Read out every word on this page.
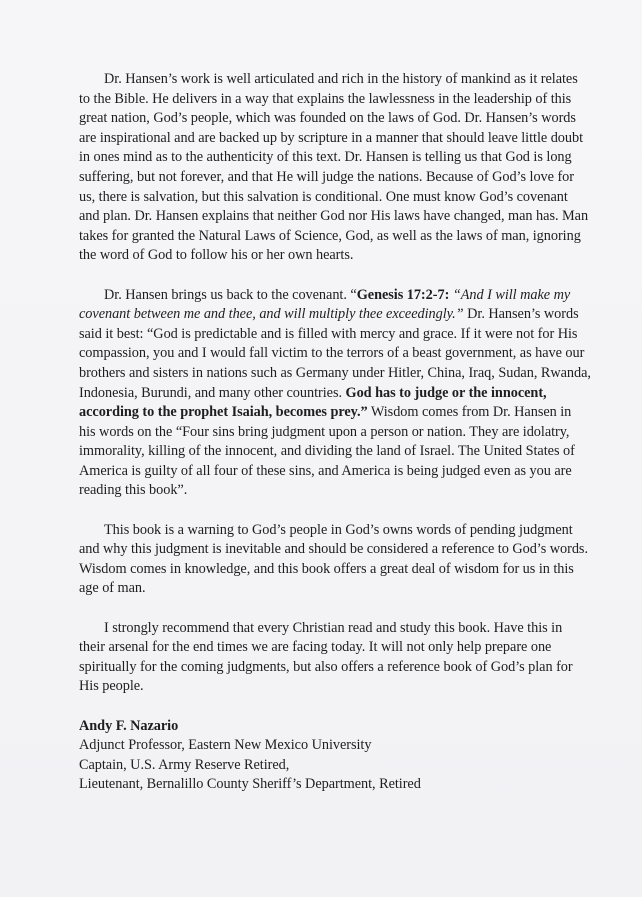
Dr. Hansen’s work is well articulated and rich in the history of mankind as it relates to the Bible. He delivers in a way that explains the lawlessness in the leadership of this great nation, God’s people, which was founded on the laws of God. Dr. Hansen’s words are inspirational and are backed up by scripture in a manner that should leave little doubt in ones mind as to the authenticity of this text. Dr. Hansen is telling us that God is long suffering, but not forever, and that He will judge the nations. Because of God’s love for us, there is salvation, but this salvation is conditional. One must know God’s covenant and plan. Dr. Hansen explains that neither God nor His laws have changed, man has. Man takes for granted the Natural Laws of Science, God, as well as the laws of man, ignoring the word of God to follow his or her own hearts.

Dr. Hansen brings us back to the covenant. “Genesis 17:2-7: “And I will make my covenant between me and thee, and will multiply thee exceedingly.” Dr. Hansen’s words said it best: “God is predictable and is filled with mercy and grace. If it were not for His compassion, you and I would fall victim to the terrors of a beast government, as have our brothers and sisters in nations such as Germany under Hitler, China, Iraq, Sudan, Rwanda, Indonesia, Burundi, and many other countries. God has to judge or the innocent, according to the prophet Isaiah, becomes prey.” Wisdom comes from Dr. Hansen in his words on the “Four sins bring judgment upon a person or nation. They are idolatry, immorality, killing of the innocent, and dividing the land of Israel. The United States of America is guilty of all four of these sins, and America is being judged even as you are reading this book”.

This book is a warning to God’s people in God’s owns words of pending judgment and why this judgment is inevitable and should be considered a reference to God’s words. Wisdom comes in knowledge, and this book offers a great deal of wisdom for us in this age of man.

I strongly recommend that every Christian read and study this book. Have this in their arsenal for the end times we are facing today. It will not only help prepare one spiritually for the coming judgments, but also offers a reference book of God’s plan for His people.

Andy F. Nazario
Adjunct Professor, Eastern New Mexico University
Captain, U.S. Army Reserve Retired,
Lieutenant, Bernalillo County Sheriff’s Department, Retired
